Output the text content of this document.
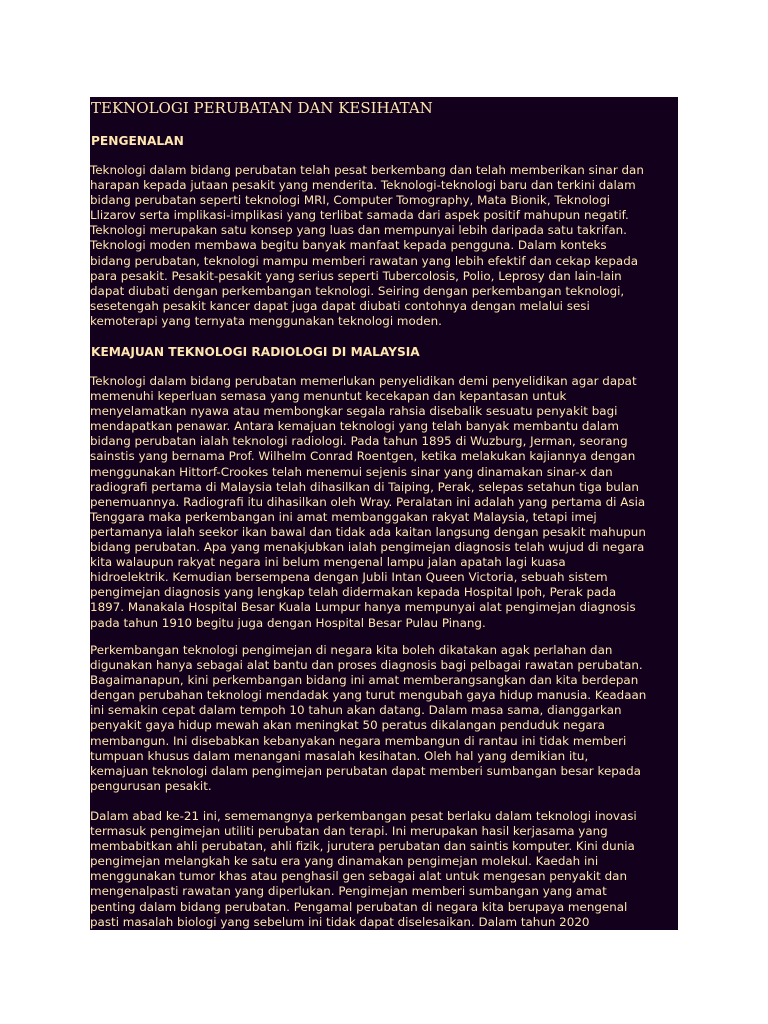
TEKNOLOGI PERUBATAN DAN KESIHATAN
PENGENALAN
Teknologi dalam bidang perubatan telah pesat berkembang dan telah memberikan sinar dan
harapan kepada jutaan pesakit yang menderita. Teknologi-teknologi baru dan terkini dalam
bidang perubatan seperti teknologi MRI, Computer Tomography, Mata Bionik, Teknologi
Llizarov serta implikasi-implikasi yang terlibat samada dari aspek positif mahupun negatif.
Teknologi merupakan satu konsep yang luas dan mempunyai lebih daripada satu takrifan.
Teknologi moden membawa begitu banyak manfaat kepada pengguna. Dalam konteks
bidang perubatan, teknologi mampu memberi rawatan yang lebih efektif dan cekap kepada
para pesakit. Pesakit-pesakit yang serius seperti Tubercolosis, Polio, Leprosy dan lain-lain
dapat diubati dengan perkembangan teknologi. Seiring dengan perkembangan teknologi,
sesetengah pesakit kancer dapat juga dapat diubati contohnya dengan melalui sesi
kemoterapi yang ternyata menggunakan teknologi moden.
KEMAJUAN TEKNOLOGI RADIOLOGI DI MALAYSIA
Teknologi dalam bidang perubatan memerlukan penyelidikan demi penyelidikan agar dapat
memenuhi keperluan semasa yang menuntut kecekapan dan kepantasan untuk
menyelamatkan nyawa atau membongkar segala rahsia disebalik sesuatu penyakit bagi
mendapatkan penawar. Antara kemajuan teknologi yang telah banyak membantu dalam
bidang perubatan ialah teknologi radiologi. Pada tahun 1895 di Wuzburg, Jerman, seorang
sainstis yang bernama Prof. Wilhelm Conrad Roentgen, ketika melakukan kajiannya dengan
menggunakan Hittorf-Crookes telah menemui sejenis sinar yang dinamakan sinar-x dan
radiografi pertama di Malaysia telah dihasilkan di Taiping, Perak, selepas setahun tiga bulan
penemuannya. Radiografi itu dihasilkan oleh Wray. Peralatan ini adalah yang pertama di Asia
Tenggara maka perkembangan ini amat membanggakan rakyat Malaysia, tetapi imej
pertamanya ialah seekor ikan bawal dan tidak ada kaitan langsung dengan pesakit mahupun
bidang perubatan. Apa yang menakjubkan ialah pengimejan diagnosis telah wujud di negara
kita walaupun rakyat negara ini belum mengenal lampu jalan apatah lagi kuasa
hidroelektrik. Kemudian bersempena dengan Jubli Intan Queen Victoria, sebuah sistem
pengimejan diagnosis yang lengkap telah didermakan kepada Hospital Ipoh, Perak pada
1897. Manakala Hospital Besar Kuala Lumpur hanya mempunyai alat pengimejan diagnosis
pada tahun 1910 begitu juga dengan Hospital Besar Pulau Pinang.
Perkembangan teknologi pengimejan di negara kita boleh dikatakan agak perlahan dan
digunakan hanya sebagai alat bantu dan proses diagnosis bagi pelbagai rawatan perubatan.
Bagaimanapun, kini perkembangan bidang ini amat memberangsangkan dan kita berdepan
dengan perubahan teknologi mendadak yang turut mengubah gaya hidup manusia. Keadaan
ini semakin cepat dalam tempoh 10 tahun akan datang. Dalam masa sama, dianggarkan
penyakit gaya hidup mewah akan meningkat 50 peratus dikalangan penduduk negara
membangun. Ini disebabkan kebanyakan negara membangun di rantau ini tidak memberi
tumpuan khusus dalam menangani masalah kesihatan. Oleh hal yang demikian itu,
kemajuan teknologi dalam pengimejan perubatan dapat memberi sumbangan besar kepada
pengurusan pesakit.
Dalam abad ke-21 ini, sememangnya perkembangan pesat berlaku dalam teknologi inovasi
termasuk pengimejan utiliti perubatan dan terapi. Ini merupakan hasil kerjasama yang
membabitkan ahli perubatan, ahli fizik, jurutera perubatan dan saintis komputer. Kini dunia
pengimejan melangkah ke satu era yang dinamakan pengimejan molekul. Kaedah ini
menggunakan tumor khas atau penghasil gen sebagai alat untuk mengesan penyakit dan
mengenalpasti rawatan yang diperlukan. Pengimejan memberi sumbangan yang amat
penting dalam bidang perubatan. Pengamal perubatan di negara kita berupaya mengenal
pasti masalah biologi yang sebelum ini tidak dapat diselesaikan. Dalam tahun 2020
